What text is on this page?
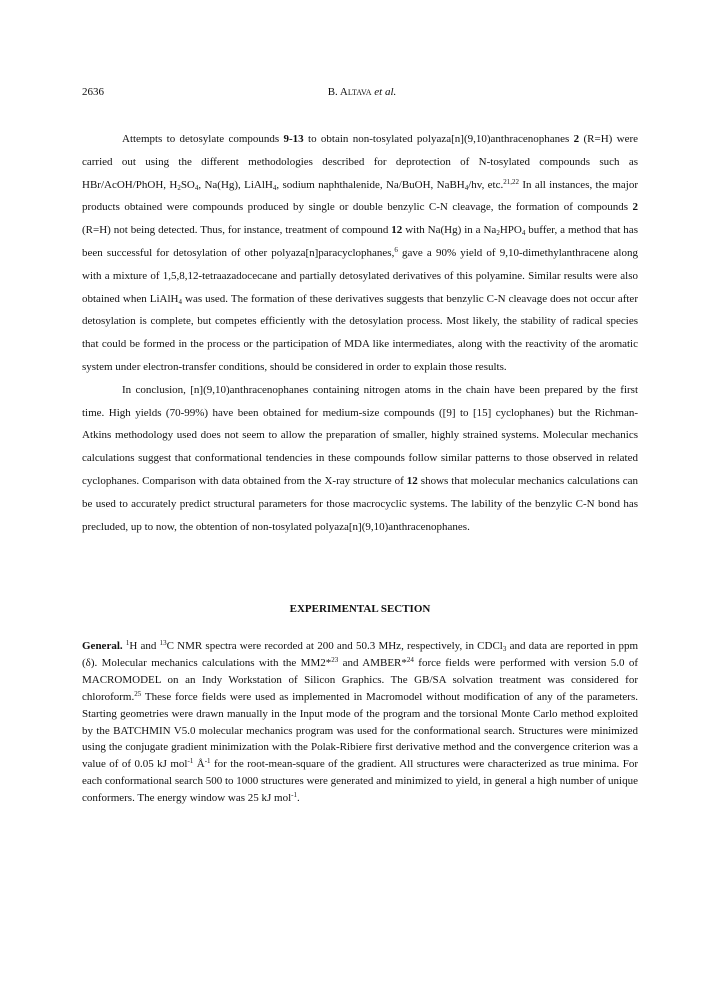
2636	B. Altava et al.

Attempts to detosylate compounds 9-13 to obtain non-tosylated polyaza[n](9,10)anthracenophanes 2 (R=H) were carried out using the different methodologies described for deprotection of N-tosylated compounds such as HBr/AcOH/PhOH, $H_2SO_4$, Na(Hg), LiAlH$_4$, sodium naphthalenide, Na/BuOH, NaBH$_4$/hv, etc.$^{21,22}$ In all instances, the major products obtained were compounds produced by single or double benzylic C-N cleavage, the formation of compounds 2 (R=H) not being detected. Thus, for instance, treatment of compound 12 with Na(Hg) in a $Na_2HPO_4$ buffer, a method that has been successful for detosylation of other polyaza[n]paracyclophanes,$^6$ gave a 90% yield of 9,10-dimethylanthracene along with a mixture of 1,5,8,12-tetraazadocecane and partially detosylated derivatives of this polyamine. Similar results were also obtained when LiAlH$_4$ was used. The formation of these derivatives suggests that benzylic C-N cleavage does not occur after detosylation is complete, but competes efficiently with the detosylation process. Most likely, the stability of radical species that could be formed in the process or the participation of MDA like intermediates, along with the reactivity of the aromatic system under electron-transfer conditions, should be considered in order to explain those results.

In conclusion, [n](9,10)anthracenophanes containing nitrogen atoms in the chain have been prepared by the first time. High yields (70-99%) have been obtained for medium-size compounds ([9] to [15] cyclophanes) but the Richman-Atkins methodology used does not seem to allow the preparation of smaller, highly strained systems. Molecular mechanics calculations suggest that conformational tendencies in these compounds follow similar patterns to those observed in related cyclophanes. Comparison with data obtained from the X-ray structure of 12 shows that molecular mechanics calculations can be used to accurately predict structural parameters for those macrocyclic systems. The lability of the benzylic C-N bond has precluded, up to now, the obtention of non-tosylated polyaza[n](9,10)anthracenophanes.

EXPERIMENTAL SECTION

General. $^1$H and $^{13}$C NMR spectra were recorded at 200 and 50.3 MHz, respectively, in CDCl$_3$ and data are reported in ppm (δ). Molecular mechanics calculations with the MM2*$^{23}$ and AMBER*$^{24}$ force fields were performed with version 5.0 of MACROMODEL on an Indy Workstation of Silicon Graphics. The GB/SA solvation treatment was considered for chloroform.$^{25}$ These force fields were used as implemented in Macromodel without modification of any of the parameters. Starting geometries were drawn manually in the Input mode of the program and the torsional Monte Carlo method exploited by the BATCHMIN V5.0 molecular mechanics program was used for the conformational search. Structures were minimized using the conjugate gradient minimization with the Polak-Ribiere first derivative method and the convergence criterion was a value of of 0.05 kJ mol$^{-1}$ $Å^{-1}$ for the root-mean-square of the gradient. All structures were characterized as true minima. For each conformational search 500 to 1000 structures were generated and minimized to yield, in general a high number of unique conformers. The energy window was 25 kJ mol$^{-1}$.
